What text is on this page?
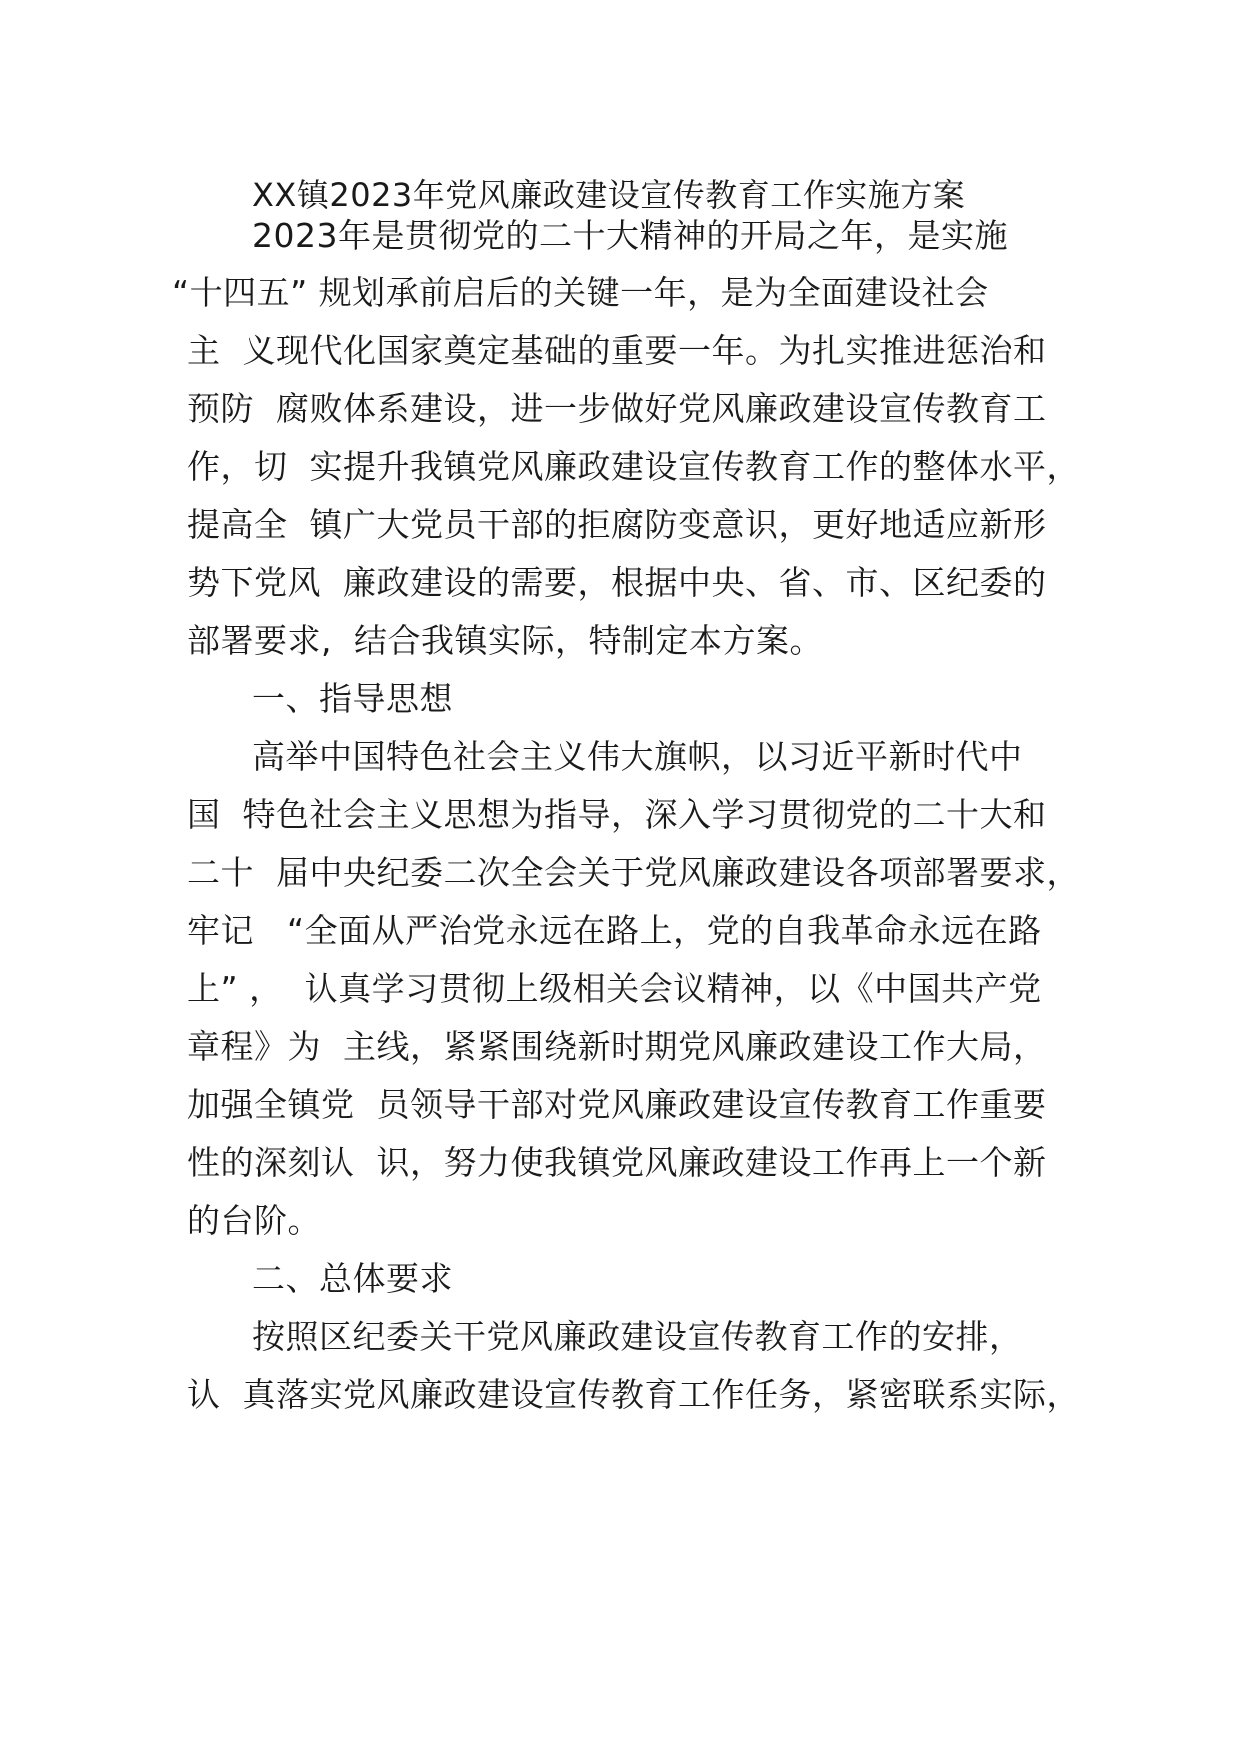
XX镇2023年党风廉政建设宣传教育工作实施方案

2023年是贯彻党的二十大精神的开局之年，是实施

“十四五” 规划承前启后的关键一年，是为全面建设社会

主  义现代化国家奠定基础的重要一年。为扎实推进惩治和

预防  腐败体系建设，进一步做好党风廉政建设宣传教育工

作，切  实提升我镇党风廉政建设宣传教育工作的整体水平，

提高全  镇广大党员干部的拒腐防变意识，更好地适应新形

势下党风  廉政建设的需要，根据中央、省、市、区纪委的

部署要求,  结合我镇实际，特制定本方案。

一、指导思想

高举中国特色社会主义伟大旗帜，以习近平新时代中

国  特色社会主义思想为指导，深入学习贯彻党的二十大和

二十  届中央纪委二次全会关于党风廉政建设各项部署要求，

牢记   “全面从严治党永远在路上，党的自我革命永远在路

上” ，  认真学习贯彻上级相关会议精神，以《中国共产党

章程》为  主线，紧紧围绕新时期党风廉政建设工作大局，

加强全镇党  员领导干部对党风廉政建设宣传教育工作重要

性的深刻认  识，努力使我镇党风廉政建设工作再上一个新

的台阶。

二、总体要求

按照区纪委关干党风廉政建设宣传教育工作的安排，

认  真落实党风廉政建设宣传教育工作任务，紧密联系实际，
